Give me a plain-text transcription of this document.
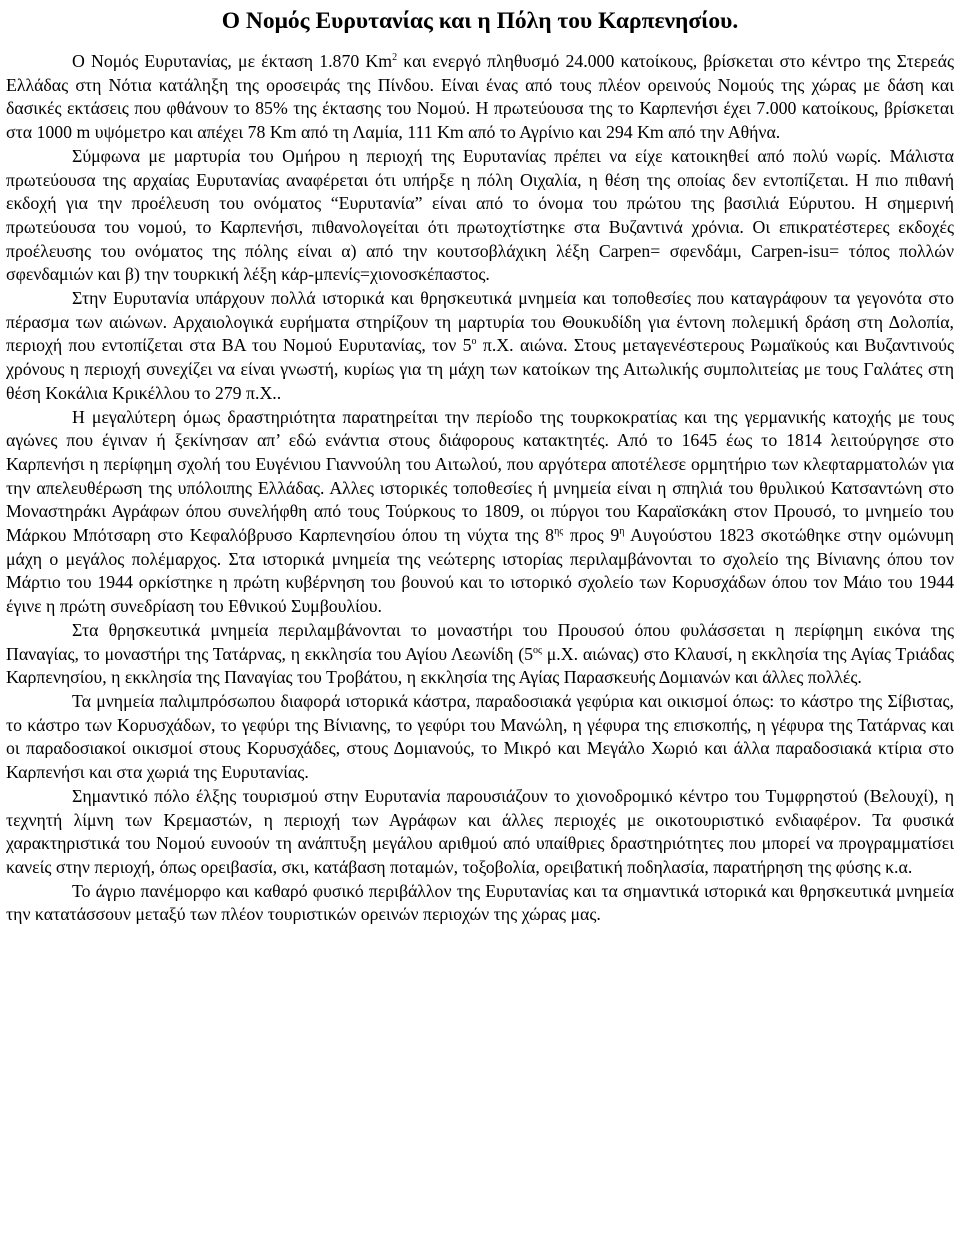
Ο Νομός Ευρυτανίας και η Πόλη του Καρπενησίου.

Ο Νομός Ευρυτανίας, με έκταση 1.870 Km$^2$ και ενεργό πληθυσμό 24.000 κατοίκους, βρίσκεται στο κέντρο της Στερεάς Ελλάδας στη Νότια κατάληξη της οροσειράς της Πίνδου. Είναι ένας από τους πλέον ορεινούς Νομούς της χώρας με δάση και δασικές εκτάσεις που φθάνουν το 85% της έκτασης του Νομού. Η πρωτεύουσα της το Καρπενήσι έχει 7.000 κατοίκους, βρίσκεται στα 1000 m υψόμετρο και απέχει 78 Km από τη Λαμία, 111 Km από το Αγρίνιο και 294 Km από την Αθήνα.

Σύμφωνα με μαρτυρία του Ομήρου η περιοχή της Ευρυτανίας πρέπει να είχε κατοικηθεί από πολύ νωρίς. Μάλιστα πρωτεύουσα της αρχαίας Ευρυτανίας αναφέρεται ότι υπήρξε η πόλη Οιχαλία, η θέση της οποίας δεν εντοπίζεται. Η πιο πιθανή εκδοχή για την προέλευση του ονόματος “Ευρυτανία” είναι από το όνομα του πρώτου της βασιλιά Εύρυτου. Η σημερινή πρωτεύουσα του νομού, το Καρπενήσι, πιθανολογείται ότι πρωτοχτίστηκε στα Βυζαντινά χρόνια. Οι επικρατέστερες εκδοχές προέλευσης του ονόματος της πόλης είναι α) από την κουτσοβλάχικη λέξη Carpen= σφενδάμι, Carpen-isu= τόπος πολλών σφενδαμιών και β) την τουρκική λέξη κάρ-μπενίς=χιονοσκέπαστος.

Στην Ευρυτανία υπάρχουν πολλά ιστορικά και θρησκευτικά μνημεία και τοποθεσίες που καταγράφουν τα γεγονότα στο πέρασμα των αιώνων. Αρχαιολογικά ευρήματα στηρίζουν τη μαρτυρία του Θουκυδίδη για έντονη πολεμική δράση στη Δολοπία, περιοχή που εντοπίζεται στα ΒΑ του Νομού Ευρυτανίας, τον $5^o$ π.Χ. αιώνα. Στους μεταγενέστερους Ρωμαϊκούς και Βυζαντινούς χρόνους η περιοχή συνεχίζει να είναι γνωστή, κυρίως για τη μάχη των κατοίκων της Αιτωλικής συμπολιτείας με τους Γαλάτες στη θέση Κοκάλια Κρικέλλου το 279 π.Χ..

Η μεγαλύτερη όμως δραστηριότητα παρατηρείται την περίοδο της τουρκοκρατίας και της γερμανικής κατοχής με τους αγώνες που έγιναν ή ξεκίνησαν απ’ εδώ ενάντια στους διάφορους κατακτητές. Από το 1645 έως το 1814 λειτούργησε στο Καρπενήσι η περίφημη σχολή του Ευγένιου Γιαννούλη του Αιτωλού, που αργότερα αποτέλεσε ορμητήριο των κλεφταρματολών για την απελευθέρωση της υπόλοιπης Ελλάδας. Αλλες ιστορικές τοποθεσίες ή μνημεία είναι η σπηλιά του θρυλικού Κατσαντώνη στο Μοναστηράκι Αγράφων όπου συνελήφθη από τους Τούρκους το 1809, οι πύργοι του Καραϊσκάκη στον Προυσό, το μνημείο του Μάρκου Μπότσαρη στο Κεφαλόβρυσο Καρπενησίου όπου τη νύχτα της $8^{\eta\varsigma}$ προς $9^\eta$ Αυγούστου 1823 σκοτώθηκε στην ομώνυμη μάχη ο μεγάλος πολέμαρχος. Στα ιστορικά μνημεία της νεώτερης ιστορίας περιλαμβάνονται το σχολείο της Βίνιανης όπου τον Μάρτιο του 1944 ορκίστηκε η πρώτη κυβέρνηση του βουνού και το ιστορικό σχολείο των Κορυσχάδων όπου τον Μάιο του 1944 έγινε η πρώτη συνεδρίαση του Εθνικού Συμβουλίου.

Στα θρησκευτικά μνημεία περιλαμβάνονται το μοναστήρι του Προυσού όπου φυλάσσεται η περίφημη εικόνα της Παναγίας, το μοναστήρι της Τατάρνας, η εκκλησία του Αγίου Λεωνίδη ($5^{o\varsigma}$ μ.Χ. αιώνας) στο Κλαυσί, η εκκλησία της Αγίας Τριάδας Καρπενησίου, η εκκλησία της Παναγίας του Τροβάτου, η εκκλησία της Αγίας Παρασκευής Δομιανών και άλλες πολλές.

Τα μνημεία παλιμπρόσωπου διαφορά ιστορικά κάστρα, παραδοσιακά γεφύρια και οικισμοί όπως: το κάστρο της Σίβιστας, το κάστρο των Κορυσχάδων, το γεφύρι της Βίνιανης, το γεφύρι του Μανώλη, η γέφυρα της επισκοπής, η γέφυρα της Τατάρνας και οι παραδοσιακοί οικισμοί στους Κορυσχάδες, στους Δομιανούς, το Μικρό και Μεγάλο Χωριό και άλλα παραδοσιακά κτίρια στο Καρπενήσι και στα χωριά της Ευρυτανίας.

Σημαντικό πόλο έλξης τουρισμού στην Ευρυτανία παρουσιάζουν το χιονοδρομικό κέντρο του Τυμφρηστού (Βελουχί), η τεχνητή λίμνη των Κρεμαστών, η περιοχή των Αγράφων και άλλες περιοχές με οικοτουριστικό ενδιαφέρον. Τα φυσικά χαρακτηριστικά του Νομού ευνοούν τη ανάπτυξη μεγάλου αριθμού από υπαίθριες δραστηριότητες που μπορεί να προγραμματίσει κανείς στην περιοχή, όπως ορειβασία, σκι, κατάβαση ποταμών, τοξοβολία, ορειβατική ποδηλασία, παρατήρηση της φύσης κ.α.

Το άγριο πανέμορφο και καθαρό φυσικό περιβάλλον της Ευρυτανίας και τα σημαντικά ιστορικά και θρησκευτικά μνημεία την κατατάσσουν μεταξύ των πλέον τουριστικών ορεινών περιοχών της χώρας μας.
